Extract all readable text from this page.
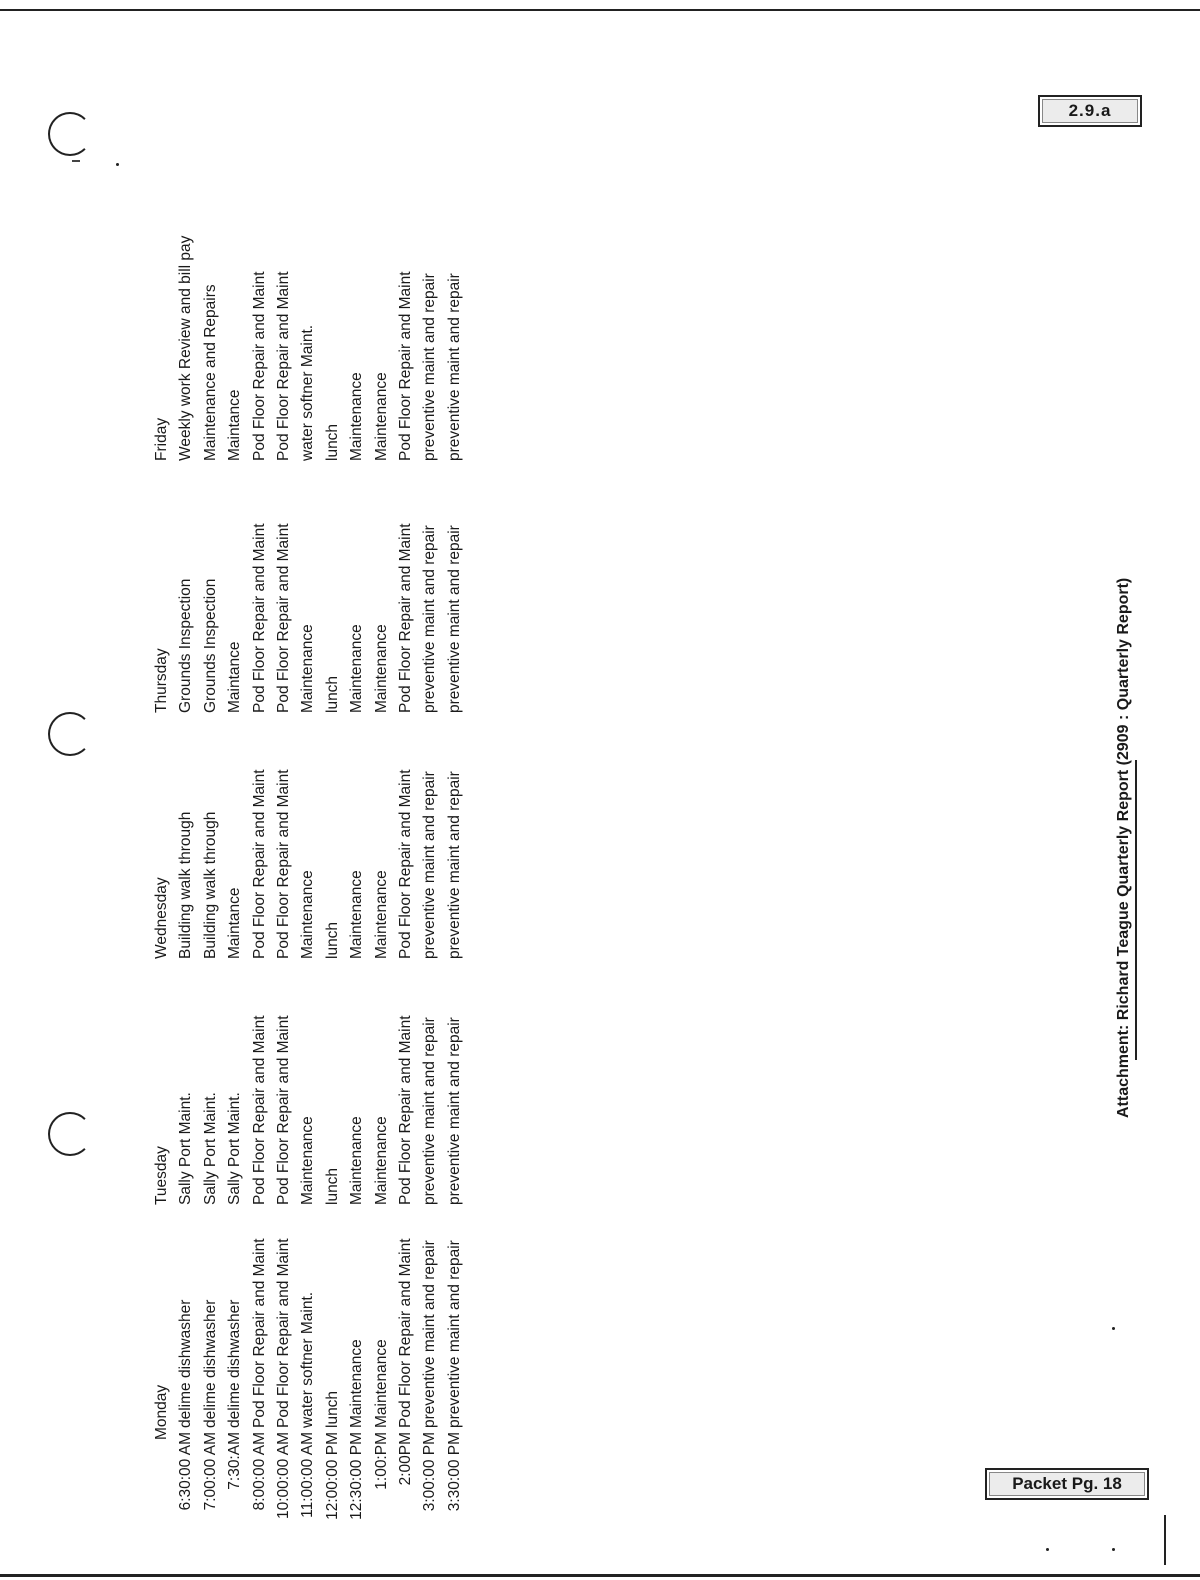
2.9.a
Monday
6:30:00 AM
delime dishwasher
7:00:00 AM
delime dishwasher
7:30:AM
delime dishwasher
8:00:00 AM
Pod Floor Repair and Maint
10:00:00 AM
Pod Floor Repair and Maint
11:00:00 AM
water softner Maint.
12:00:00 PM
lunch
12:30:00 PM
Maintenance
1:00:PM
Maintenance
2:00PM
Pod Floor Repair and Maint
3:00:00 PM
preventive maint and repair
3:30:00 PM
preventive maint and repair
Tuesday Sally Port Maint. Sally Port Maint. Sally Port Maint. Pod Floor Repair and Maint Pod Floor Repair and Maint Maintenance lunch Maintenance Maintenance Pod Floor Repair and Maint preventive maint and repair preventive maint and repair
Wednesday Building walk through Building walk through Maintance Pod Floor Repair and Maint Pod Floor Repair and Maint Maintenance lunch Maintenance Maintenance Pod Floor Repair and Maint preventive maint and repair preventive maint and repair
Thursday Grounds Inspection Grounds Inspection Maintance Pod Floor Repair and Maint Pod Floor Repair and Maint Maintenance lunch Maintenance Maintenance Pod Floor Repair and Maint preventive maint and repair preventive maint and repair
Friday Weekly work Review and bill pay Maintenance and Repairs Maintance Pod Floor Repair and Maint Pod Floor Repair and Maint water softner Maint. lunch Maintenance Maintenance Pod Floor Repair and Maint preventive maint and repair preventive maint and repair
Attachment: Richard Teague Quarterly Report (2909 : Quarterly Report)
Packet Pg. 18
